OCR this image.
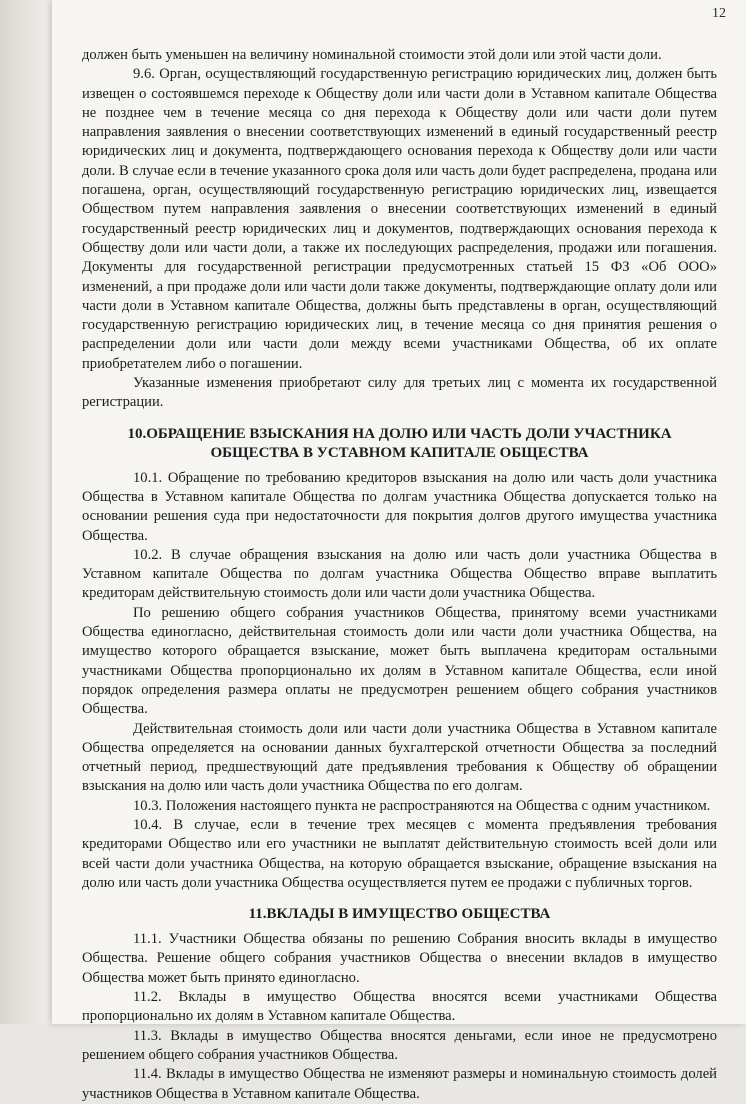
12

должен быть уменьшен на величину номинальной стоимости этой доли или этой части доли.

9.6. Орган, осуществляющий государственную регистрацию юридических лиц, должен быть извещен о состоявшемся переходе к Обществу доли или части доли в Уставном капитале Общества не позднее чем в течение месяца со дня перехода к Обществу доли или части доли путем направления заявления о внесении соответствующих изменений в единый государственный реестр юридических лиц и документа, подтверждающего основания перехода к Обществу доли или части доли. В случае если в течение указанного срока доля или часть доли будет распределена, продана или погашена, орган, осуществляющий государственную регистрацию юридических лиц, извещается Обществом путем направления заявления о внесении соответствующих изменений в единый государственный реестр юридических лиц и документов, подтверждающих основания перехода к Обществу доли или части доли, а также их последующих распределения, продажи или погашения. Документы для государственной регистрации предусмотренных статьей 15 ФЗ «Об ООО» изменений, а при продаже доли или части доли также документы, подтверждающие оплату доли или части доли в Уставном капитале Общества, должны быть представлены в орган, осуществляющий государственную регистрацию юридических лиц, в течение месяца со дня принятия решения о распределении доли или части доли между всеми участниками Общества, об их оплате приобретателем либо о погашении.

Указанные изменения приобретают силу для третьих лиц с момента их государственной регистрации.

10.ОБРАЩЕНИЕ ВЗЫСКАНИЯ НА ДОЛЮ ИЛИ ЧАСТЬ ДОЛИ УЧАСТНИКА
ОБЩЕСТВА В УСТАВНОМ КАПИТАЛЕ ОБЩЕСТВА

10.1. Обращение по требованию кредиторов взыскания на долю или часть доли участника Общества в Уставном капитале Общества по долгам участника Общества допускается только на основании решения суда при недостаточности для покрытия долгов другого имущества участника Общества.

10.2. В случае обращения взыскания на долю или часть доли участника Общества в Уставном капитале Общества по долгам участника Общества Общество вправе выплатить кредиторам действительную стоимость доли или части доли участника Общества.

По решению общего собрания участников Общества, принятому всеми участниками Общества единогласно, действительная стоимость доли или части доли участника Общества, на имущество которого обращается взыскание, может быть выплачена кредиторам остальными участниками Общества пропорционально их долям в Уставном капитале Общества, если иной порядок определения размера оплаты не предусмотрен решением общего собрания участников Общества.

Действительная стоимость доли или части доли участника Общества в Уставном капитале Общества определяется на основании данных бухгалтерской отчетности Общества за последний отчетный период, предшествующий дате предъявления требования к Обществу об обращении взыскания на долю или часть доли участника Общества по его долгам.

10.3. Положения настоящего пункта не распространяются на Общества с одним участником.

10.4. В случае, если в течение трех месяцев с момента предъявления требования кредиторами Общество или его участники не выплатят действительную стоимость всей доли или всей части доли участника Общества, на которую обращается взыскание, обращение взыскания на долю или часть доли участника Общества осуществляется путем ее продажи с публичных торгов.

11.ВКЛАДЫ В ИМУЩЕСТВО ОБЩЕСТВА

11.1. Участники Общества обязаны по решению Собрания вносить вклады в имущество Общества. Решение общего собрания участников Общества о внесении вкладов в имущество Общества может быть принято единогласно.

11.2. Вклады в имущество Общества вносятся всеми участниками Общества пропорционально их долям в Уставном капитале Общества.

11.3. Вклады в имущество Общества вносятся деньгами, если иное не предусмотрено решением общего собрания участников Общества.

11.4. Вклады в имущество Общества не изменяют размеры и номинальную стоимость долей участников Общества в Уставном капитале Общества.
